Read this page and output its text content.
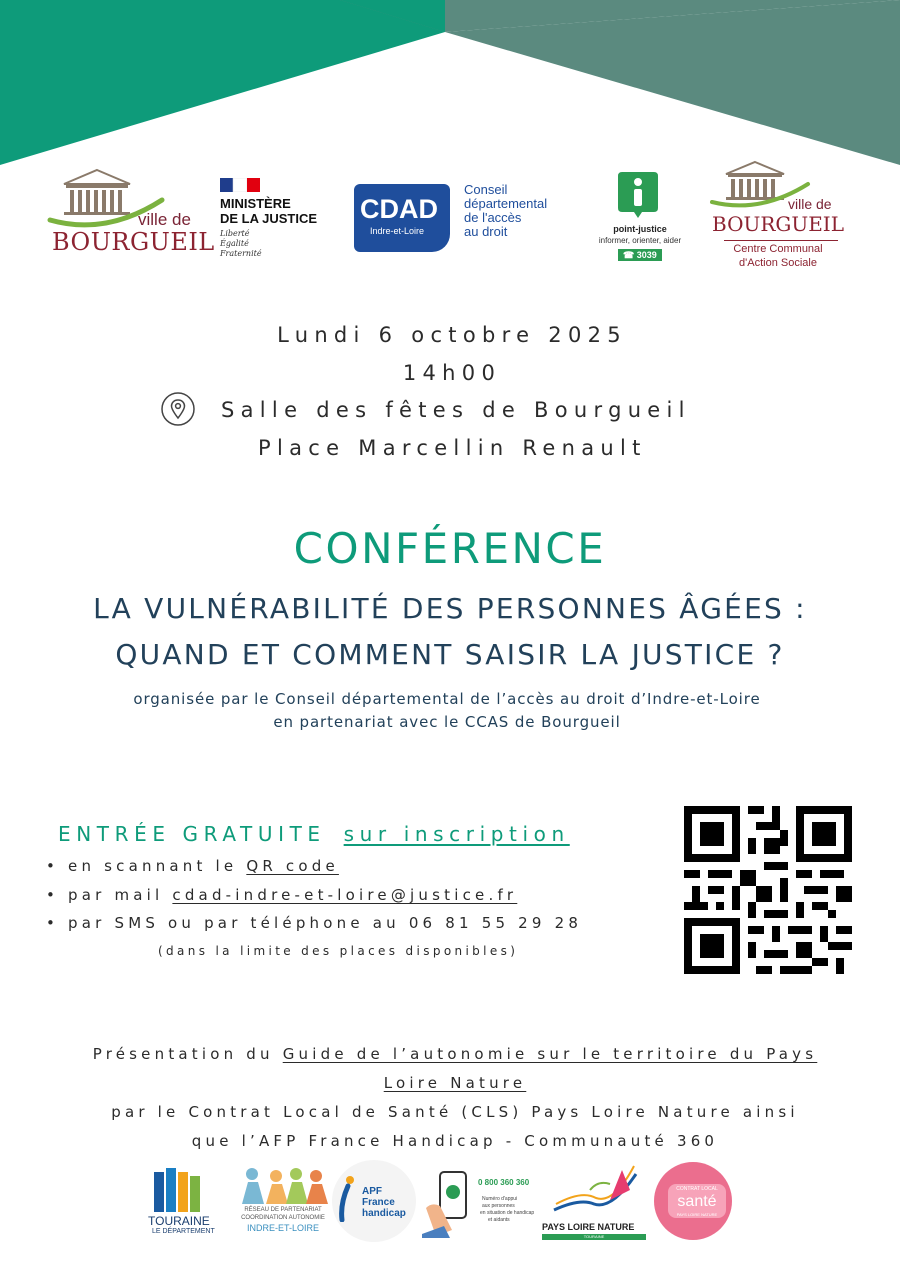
ville de
BOURGUEIL
MINISTÈRE
DE LA JUSTICE
Liberté
Égalité
Fraternité
CDAD
Indre-et-Loire
Conseil
départemental
de l'accès
au droit	point-justice
informer, orienter, aider
☎ 3039
ville de
BOURGUEIL
Centre Communal
d'Action Sociale
Lundi 6 octobre 2025
14h00
Salle des fêtes de Bourgueil
Place Marcellin Renault
CONFÉRENCE
LA VULNÉRABILITÉ DES PERSONNES ÂGÉES :
QUAND ET COMMENT SAISIR LA JUSTICE ?
organisée par le Conseil départemental de l’accès au droit d’Indre-et-Loire
en partenariat avec le CCAS de Bourgueil
ENTRÉE GRATUITE sur inscription
• en scannant le QR code
• par mail cdad-indre-et-loire@justice.fr
• par SMS ou par téléphone au 06 81 55 29 28
(dans la limite des places disponibles)
Présentation du Guide de l’autonomie sur le territoire du Pays
Loire Nature
par le Contrat Local de Santé (CLS) Pays Loire Nature ainsi
que l’AFP France Handicap - Communauté 360
TOURAINE
LE DÉPARTEMENT
RÉSEAU DE PARTENARIAT
COORDINATION AUTONOMIE
INDRE-ET-LOIRE
APF
France
handicap
0 800 360 360
Numéro d'appui
aux personnes
en situation de handicap
et aidants
PAYS LOIRE NATURE
TOURAINE
CONTRAT LOCAL
santé
PAYS LOIRE NATURE
